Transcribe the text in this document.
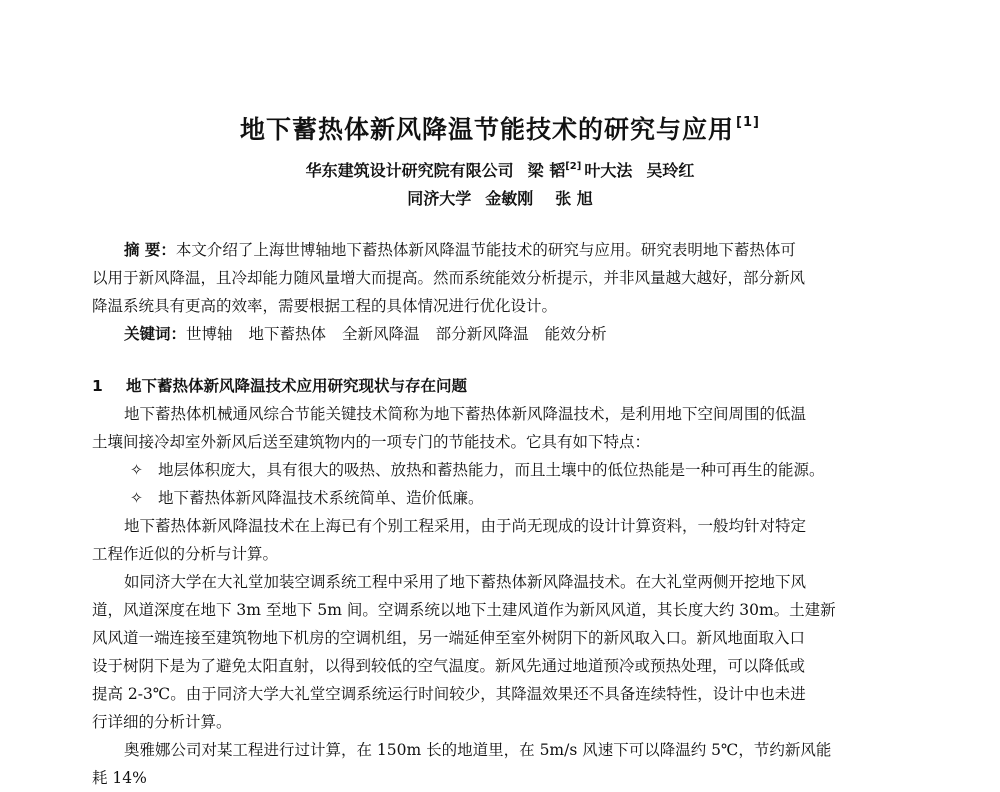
地下蓄热体新风降温节能技术的研究与应用 [1]
华东建筑设计研究院有限公司 梁 韬[2] 叶大法 吴玲红
同济大学 金敏刚 张 旭
摘 要：本文介绍了上海世博轴地下蓄热体新风降温节能技术的研究与应用。研究表明地下蓄热体可
以用于新风降温，且冷却能力随风量增大而提高。然而系统能效分析提示，并非风量越大越好，部分新风
降温系统具有更高的效率，需要根据工程的具体情况进行优化设计。
关键词：世博轴 地下蓄热体 全新风降温 部分新风降温 能效分析
1 地下蓄热体新风降温技术应用研究现状与存在问题
地下蓄热体机械通风综合节能关键技术简称为地下蓄热体新风降温技术，是利用地下空间周围的低温
土壤间接冷却室外新风后送至建筑物内的一项专门的节能技术。它具有如下特点：
✧ 地层体积庞大，具有很大的吸热、放热和蓄热能力，而且土壤中的低位热能是一种可再生的能源。
✧ 地下蓄热体新风降温技术系统简单、造价低廉。
地下蓄热体新风降温技术在上海已有个别工程采用，由于尚无现成的设计计算资料，一般均针对特定
工程作近似的分析与计算。
如同济大学在大礼堂加装空调系统工程中采用了地下蓄热体新风降温技术。在大礼堂两侧开挖地下风
道，风道深度在地下 3m 至地下 5m 间。空调系统以地下土建风道作为新风风道，其长度大约 30m。土建新
风风道一端连接至建筑物地下机房的空调机组，另一端延伸至室外树阴下的新风取入口。新风地面取入口
设于树阴下是为了避免太阳直射，以得到较低的空气温度。新风先通过地道预冷或预热处理，可以降低或
提高 2-3℃。由于同济大学大礼堂空调系统运行时间较少，其降温效果还不具备连续特性，设计中也未进
行详细的分析计算。
奥雅娜公司对某工程进行过计算，在 150m 长的地道里，在 5m/s 风速下可以降温约 5℃，节约新风能
耗 14%
